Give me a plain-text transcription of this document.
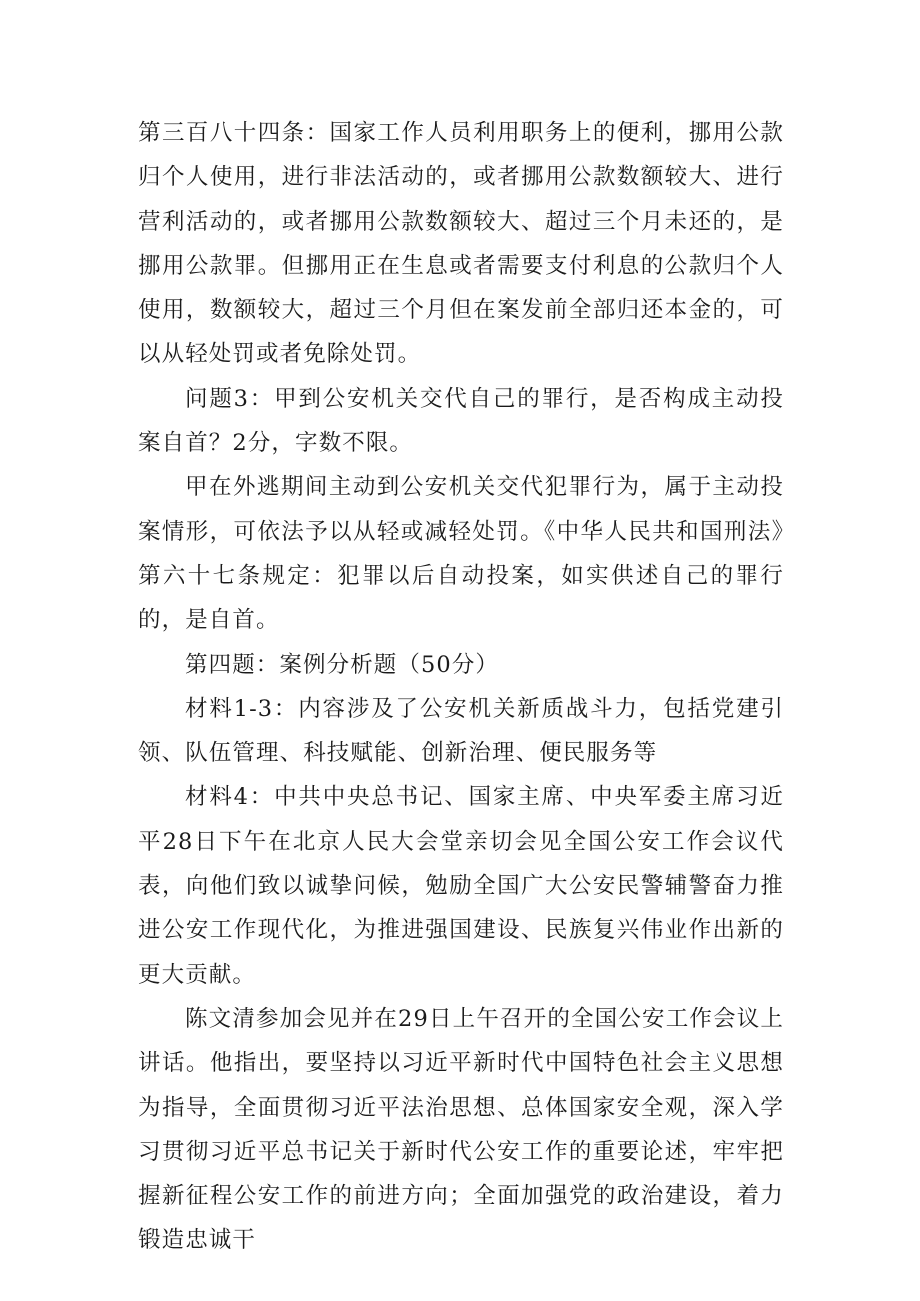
第三百八十四条：国家工作人员利用职务上的便利，挪用公款归个人使用，进行非法活动的，或者挪用公款数额较大、进行营利活动的，或者挪用公款数额较大、超过三个月未还的，是挪用公款罪。但挪用正在生息或者需要支付利息的公款归个人使用，数额较大，超过三个月但在案发前全部归还本金的，可以从轻处罚或者免除处罚。

问题3：甲到公安机关交代自己的罪行，是否构成主动投案自首？2分，字数不限。

甲在外逃期间主动到公安机关交代犯罪行为，属于主动投案情形，可依法予以从轻或减轻处罚。《中华人民共和国刑法》第六十七条规定：犯罪以后自动投案，如实供述自己的罪行的，是自首。

第四题：案例分析题（50分）

材料1-3：内容涉及了公安机关新质战斗力，包括党建引领、队伍管理、科技赋能、创新治理、便民服务等

材料4：中共中央总书记、国家主席、中央军委主席习近平28日下午在北京人民大会堂亲切会见全国公安工作会议代表，向他们致以诚挚问候，勉励全国广大公安民警辅警奋力推进公安工作现代化，为推进强国建设、民族复兴伟业作出新的更大贡献。

陈文清参加会见并在29日上午召开的全国公安工作会议上讲话。他指出，要坚持以习近平新时代中国特色社会主义思想为指导，全面贯彻习近平法治思想、总体国家安全观，深入学习贯彻习近平总书记关于新时代公安工作的重要论述，牢牢把握新征程公安工作的前进方向；全面加强党的政治建设，着力锻造忠诚干
